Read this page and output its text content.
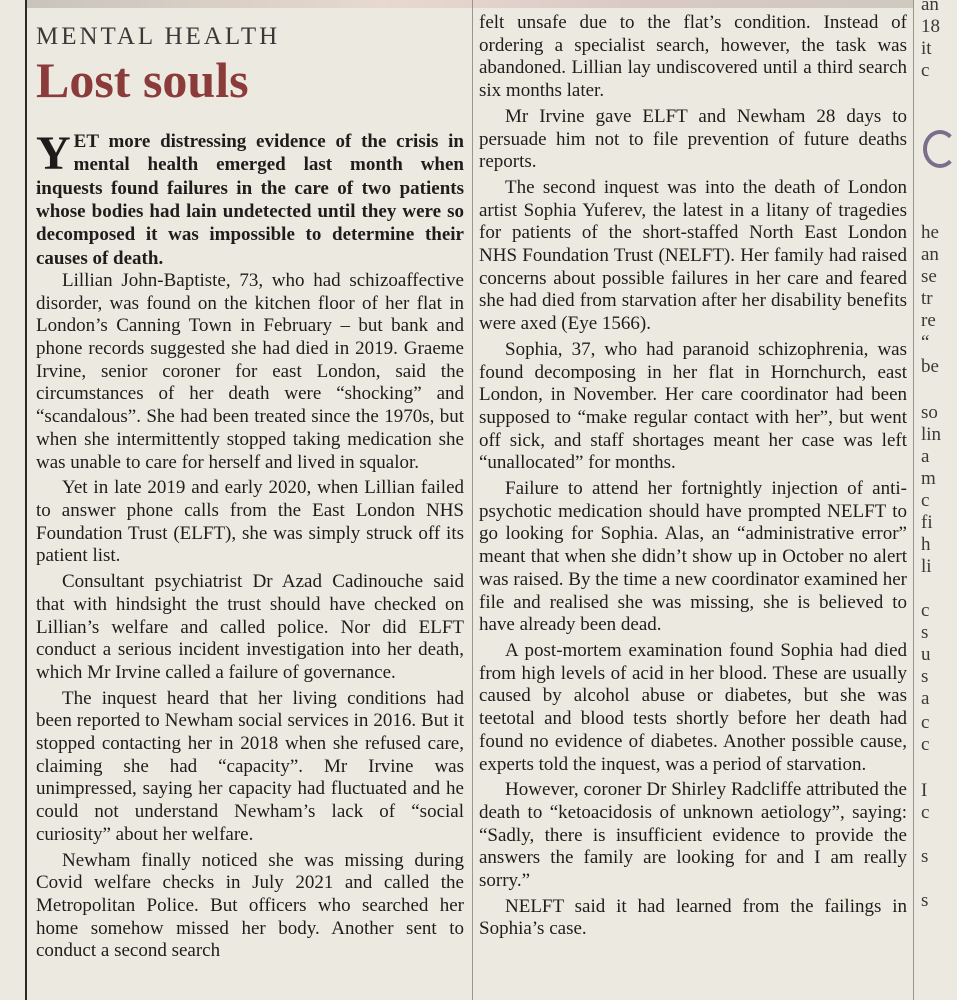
MENTAL HEALTH
Lost souls
YET more distressing evidence of the crisis in mental health emerged last month when inquests found failures in the care of two patients whose bodies had lain undetected until they were so decomposed it was impossible to determine their causes of death.

Lillian John-Baptiste, 73, who had schizoaffective disorder, was found on the kitchen floor of her flat in London’s Canning Town in February – but bank and phone records suggested she had died in 2019. Graeme Irvine, senior coroner for east London, said the circumstances of her death were “shocking” and “scandalous”. She had been treated since the 1970s, but when she intermittently stopped taking medication she was unable to care for herself and lived in squalor.

Yet in late 2019 and early 2020, when Lillian failed to answer phone calls from the East London NHS Foundation Trust (ELFT), she was simply struck off its patient list.

Consultant psychiatrist Dr Azad Cadinouche said that with hindsight the trust should have checked on Lillian’s welfare and called police. Nor did ELFT conduct a serious incident investigation into her death, which Mr Irvine called a failure of governance.

The inquest heard that her living conditions had been reported to Newham social services in 2016. But it stopped contacting her in 2018 when she refused care, claiming she had “capacity”. Mr Irvine was unimpressed, saying her capacity had fluctuated and he could not understand Newham’s lack of “social curiosity” about her welfare.

Newham finally noticed she was missing during Covid welfare checks in July 2021 and called the Metropolitan Police. But officers who searched her home somehow missed her body. Another sent to conduct a second search

felt unsafe due to the flat’s condition. Instead of ordering a specialist search, however, the task was abandoned. Lillian lay undiscovered until a third search six months later.

Mr Irvine gave ELFT and Newham 28 days to persuade him not to file prevention of future deaths reports.

The second inquest was into the death of London artist Sophia Yuferev, the latest in a litany of tragedies for patients of the short-staffed North East London NHS Foundation Trust (NELFT). Her family had raised concerns about possible failures in her care and feared she had died from starvation after her disability benefits were axed (Eye 1566).

Sophia, 37, who had paranoid schizophrenia, was found decomposing in her flat in Hornchurch, east London, in November. Her care coordinator had been supposed to “make regular contact with her”, but went off sick, and staff shortages meant her case was left “unallocated” for months.

Failure to attend her fortnightly injection of anti-psychotic medication should have prompted NELFT to go looking for Sophia. Alas, an “administrative error” meant that when she didn’t show up in October no alert was raised. By the time a new coordinator examined her file and realised she was missing, she is believed to have already been dead.

A post-mortem examination found Sophia had died from high levels of acid in her blood. These are usually caused by alcohol abuse or diabetes, but she was teetotal and blood tests shortly before her death had found no evidence of diabetes. Another possible cause, experts told the inquest, was a period of starvation.

However, coroner Dr Shirley Radcliffe attributed the death to “ketoacidosis of unknown aetiology”, saying: “Sadly, there is insufficient evidence to provide the answers the family are looking for and I am really sorry.”

NELFT said it had learned from the failings in Sophia’s case.

an
18
it c
he
an
se
tr
re
“
be
so
lin
a
m
c
fi
h
li
c
s
u
s
a
c
c
I
c
s
s
